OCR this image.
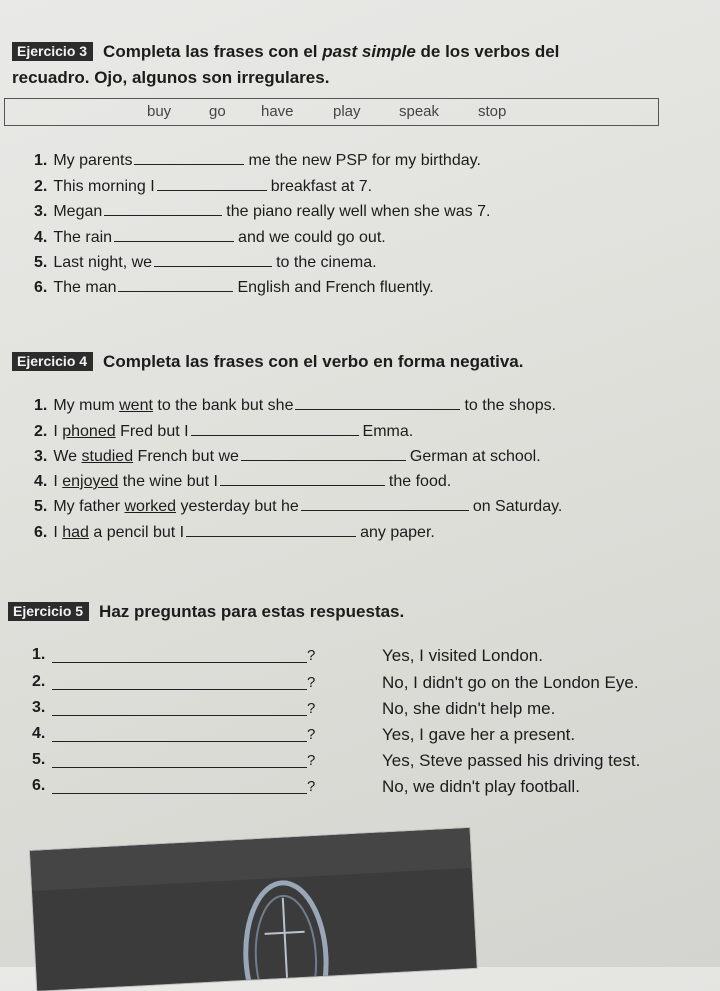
Ejercicio 3 Completa las frases con el past simple de los verbos del
recuadro. Ojo, algunos son irregulares.
buy	go have	play	speak	stop
1. My parents	me the new PSP for my birthday.
2. This morning I	breakfast at 7.
3. Megan	the piano really well when she was 7.
4. The rain	and we could go out.
5. Last night, we	to the cinema.
6. The man	English and French fluently.
Ejercicio 4 Completa las frases con el verbo en forma negativa.
1. My mum went to the bank but she	to the shops.
2. I phoned Fred but I	Emma.
3. We studied French but we	German at school.
4. I enjoyed the wine but I	the food.
5. My father worked yesterday but he	on Saturday.
6. I had a pencil but I	any paper.
Ejercicio 5 Haz preguntas para estas respuestas.
1.	?	Yes, I visited London.
2.	?	No, I didn't go on the London Eye.
3.	?	No, she didn't help me.
4.	?	Yes, I gave her a present.
5.	?	Yes, Steve passed his driving test.
6.	?	No, we didn't play football.
